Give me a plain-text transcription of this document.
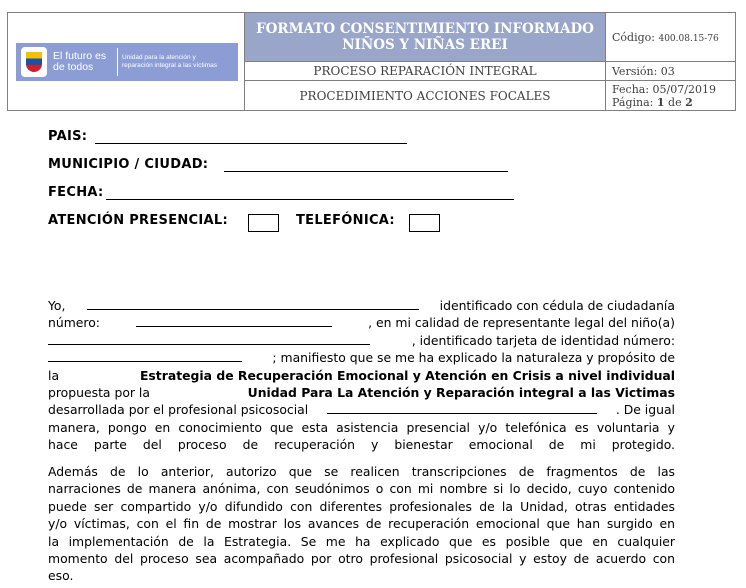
El futuro es de todos
Unidad para la atención y reparación integral a las víctimas	FORMATO CONSENTIMIENTO INFORMADO NIÑOS Y NIÑAS EREI	Código: 400.08.15-76
	PROCESO REPARACIÓN INTEGRAL	Versión: 03
	PROCEDIMIENTO ACCIONES FOCALES	Fecha: 05/07/2019
Página: 1 de 2
PAIS:
MUNICIPIO / CIUDAD:
FECHA:
ATENCIÓN PRESENCIAL:	TELEFÓNICA:
Yo,	identificado con cédula de ciudadanía
número:	, en mi calidad de representante legal del niño(a)
, identificado tarjeta de identidad número:
; manifiesto que se me ha explicado la naturaleza y propósito de
la	Estrategia de Recuperación Emocional y Atención en Crisis a nivel individual
propuesta por la	Unidad Para La Atención y Reparación integral a las Victimas
desarrollada por el profesional psicosocial	. De igual
manera, pongo en conocimiento que esta asistencia presencial y/o telefónica es voluntaria y
hace parte del proceso de recuperación y bienestar emocional de mi protegido.
Además de lo anterior, autorizo que se realicen transcripciones de fragmentos de las
narraciones de manera anónima, con seudónimos o con mi nombre si lo decido, cuyo contenido
puede ser compartido y/o difundido con diferentes profesionales de la Unidad, otras entidades
y/o víctimas, con el fin de mostrar los avances de recuperación emocional que han surgido en
la implementación de la Estrategia. Se me ha explicado que es posible que en cualquier
momento del proceso sea acompañado por otro profesional psicosocial y estoy de acuerdo con
eso.
